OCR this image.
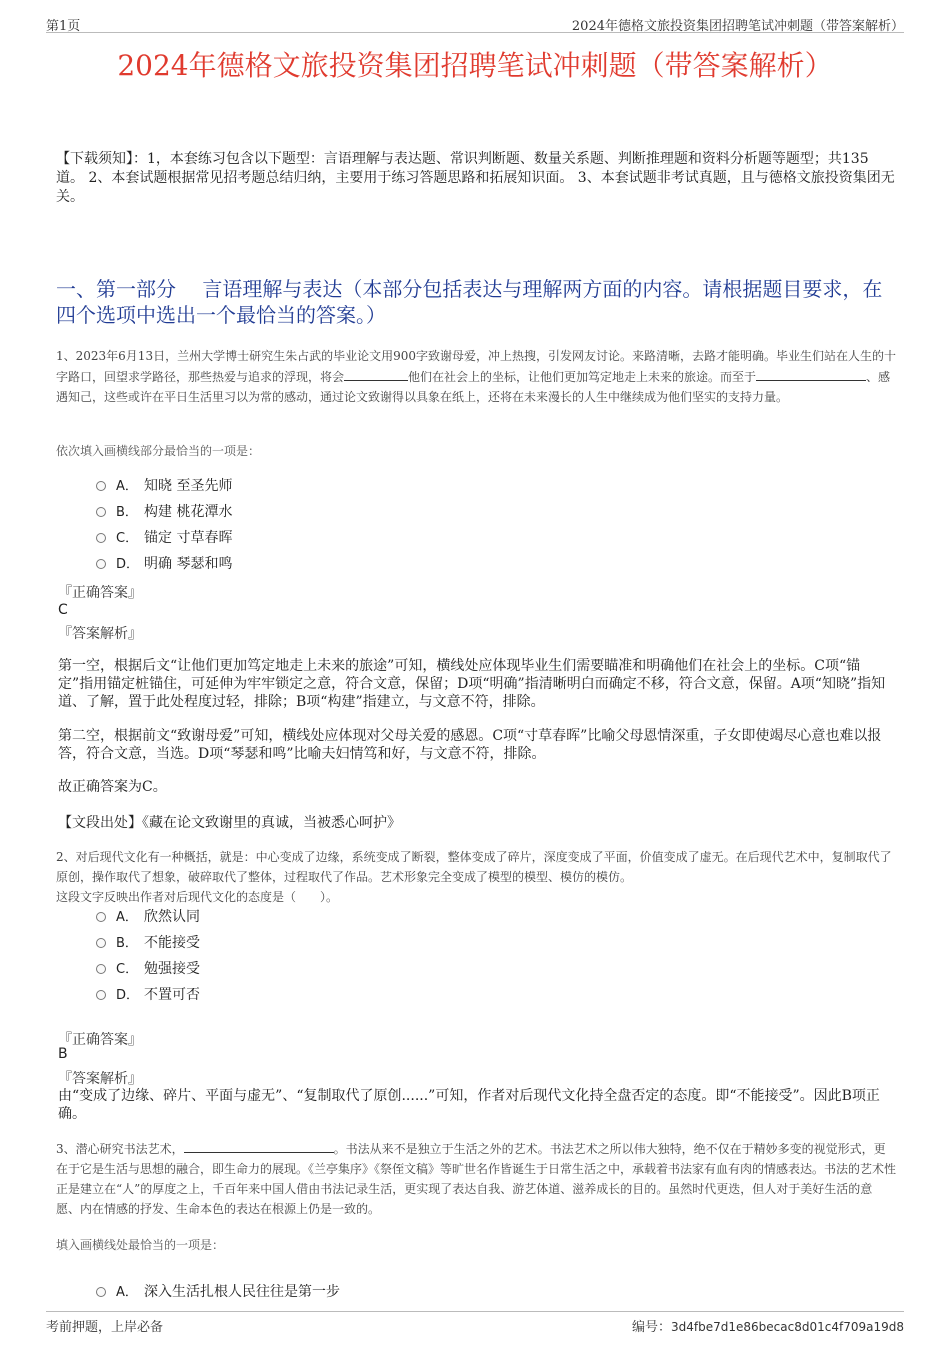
第1页	2024年德格文旅投资集团招聘笔试冲刺题（带答案解析）
2024年德格文旅投资集团招聘笔试冲刺题（带答案解析）
【下载须知】：1，本套练习包含以下题型：言语理解与表达题、常识判断题、数量关系题、判断推理题和资料分析题等题型；共135道。 2、本套试题根据常见招考题总结归纳，主要用于练习答题思路和拓展知识面。 3、本套试题非考试真题，且与德格文旅投资集团无关。
一、第一部分　 言语理解与表达（本部分包括表达与理解两方面的内容。请根据题目要求，在四个选项中选出一个最恰当的答案。）
1、2023年6月13日，兰州大学博士研究生朱占武的毕业论文用900字致谢母爱，冲上热搜，引发网友讨论。来路清晰，去路才能明确。毕业生们站在人生的十字路口，回望求学路径，那些热爱与追求的浮现，将会	他们在社会上的坐标，让他们更加笃定地走上未来的旅途。而至于	、感遇知己，这些或许在平日生活里习以为常的感动，通过论文致谢得以具象在纸上，还将在未来漫长的人生中继续成为他们坚实的支持力量。
依次填入画横线部分最恰当的一项是：
A． 知晓 至圣先师
B． 构建 桃花潭水
C． 锚定 寸草春晖
D． 明确 琴瑟和鸣
『正确答案』
C
『答案解析』
第一空，根据后文“让他们更加笃定地走上未来的旅途”可知，横线处应体现毕业生们需要瞄准和明确他们在社会上的坐标。C项“锚定”指用锚定桩锚住，可延伸为牢牢锁定之意，符合文意，保留；D项“明确”指清晰明白而确定不移，符合文意，保留。A项“知晓”指知道、了解，置于此处程度过轻，排除；B项“构建”指建立，与文意不符，排除。
第二空，根据前文“致谢母爱”可知，横线处应体现对父母关爱的感恩。C项“寸草春晖”比喻父母恩情深重，子女即使竭尽心意也难以报答，符合文意，当选。D项“琴瑟和鸣”比喻夫妇情笃和好，与文意不符，排除。
故正确答案为C。
【文段出处】《藏在论文致谢里的真诚，当被悉心呵护》
2、对后现代文化有一种概括，就是：中心变成了边缘，系统变成了断裂，整体变成了碎片，深度变成了平面，价值变成了虚无。在后现代艺术中，复制取代了原创，操作取代了想象，破碎取代了整体，过程取代了作品。艺术形象完全变成了模型的模型、模仿的模仿。
这段文字反映出作者对后现代文化的态度是（　　）。
A． 欣然认同
B． 不能接受
C． 勉强接受
D． 不置可否
『正确答案』
B
『答案解析』
由“变成了边缘、碎片、平面与虚无”、“复制取代了原创......”可知，作者对后现代文化持全盘否定的态度。即“不能接受”。因此B项正确。
3、潜心研究书法艺术，	。书法从来不是独立于生活之外的艺术。书法艺术之所以伟大独特，绝不仅在于精妙多变的视觉形式，更在于它是生活与思想的融合，即生命力的展现。《兰亭集序》《祭侄文稿》等旷世名作皆诞生于日常生活之中，承载着书法家有血有肉的情感表达。书法的艺术性正是建立在“人”的厚度之上，千百年来中国人借由书法记录生活，更实现了表达自我、游艺体道、滋养成长的目的。虽然时代更迭，但人对于美好生活的意愿、内在情感的抒发、生命本色的表达在根源上仍是一致的。
填入画横线处最恰当的一项是：
A． 深入生活扎根人民往往是第一步
考前押题，上岸必备	编号：3d4fbe7d1e86becac8d01c4f709a19d8
